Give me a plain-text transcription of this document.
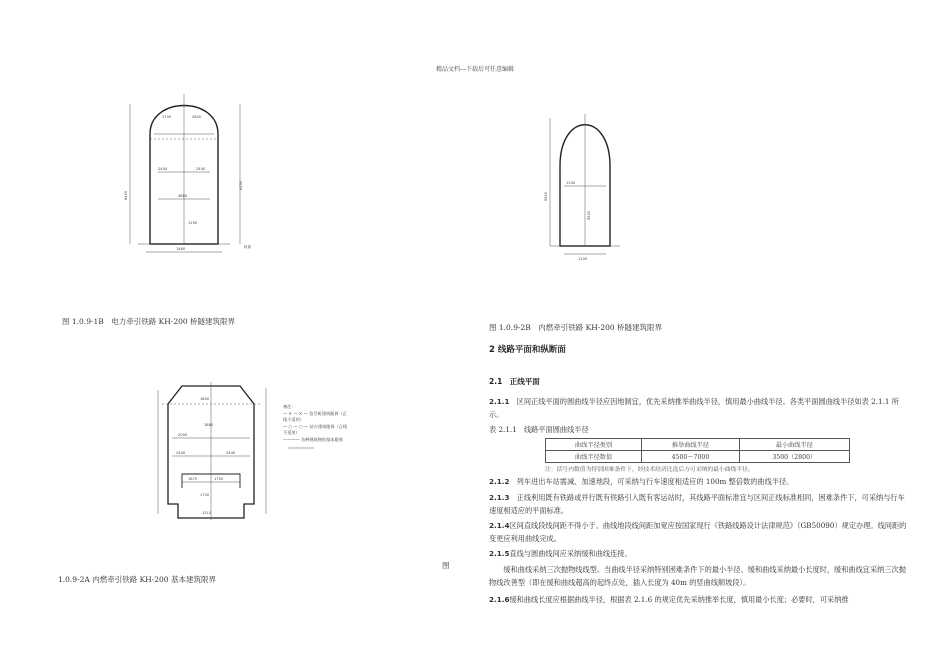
精品文档---下载后可任意编辑
1700	2800
2440	2440
4880
1460
8400
6250
1250
轨面
图 1.0.9-1B　电力牵引铁路 KH-200 桥隧建筑限界
1140
1200
6500
5500
图 1.0.9-2B　内燃牵引铁路 KH-200 桥隧建筑限界
1800
1880
2000
2440	2440
1875	1750
1700
1210
备注：
— × — × — 信号机建筑限界（正线不适用）
— ○ — ○ — 站台建筑限界（正线不适用）
———— 各种建筑物的基本限界
1.0.9-2A 内燃牵引铁路 KH-200 基本建筑限界
图
2 线路平面和纵断面
2.1　正线平面
2.1.1　区间正线平面的圆曲线半径应因地制宜，优先采纳推举曲线半径，慎用最小曲线半径。各类平面圆曲线半径如表 2.1.1 所示。
表 2.1.1　线路平面圆曲线半径
曲线半径类别	推举曲线半径	最小曲线半径
曲线半径数值	4500～7000	3500（2800）
注：括号内数值为特别困难条件下，经技术经济比选后方可采纳的最小曲线半径。
2.1.2　列车进出车站需减、加速地段，可采纳与行车速度相适应的 100m 整倍数的曲线半径。
2.1.3　正线利用既有铁路或并行既有铁路引入既有客运站时，其线路平面标准宜与区间正线标准相同，困难条件下，可采纳与行车速度相适应的平面标准。
2.1.4区间直线段线间距不得小于。曲线地段线间距加宽应按国家现行《铁路线路设计法律规范》（GB50090）规定办理。线间距的变更应利用曲线完成。
2.1.5直线与圆曲线间应采纳缓和曲线连接。
　　缓和曲线采纳三次抛物线线型。当曲线半径采纳特别困难条件下的最小半径、缓和曲线采纳最小长度时，缓和曲线宜采纳三次抛物线改善型（即在缓和曲线超高的起终点处，插入长度为 40m 的竖曲线顺坡段）。
2.1.6缓和曲线长度应根据曲线半径，根据表 2.1.6 的规定优先采纳推举长度，慎用最小长度；必要时，可采纳推
